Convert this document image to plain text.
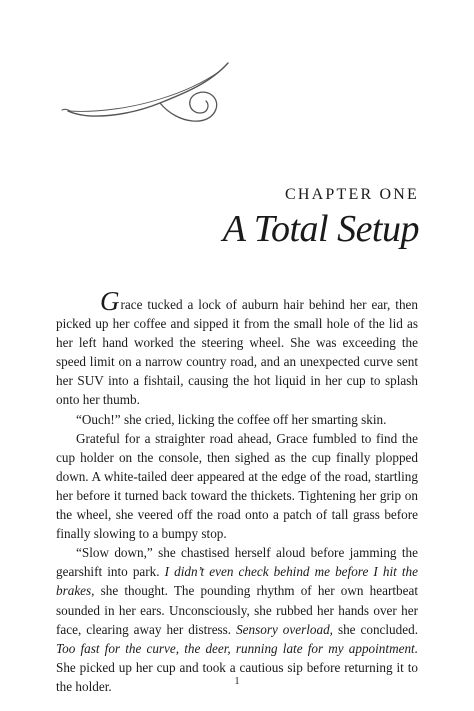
CHAPTER ONE
A Total Setup

Grace tucked a lock of auburn hair behind her ear, then picked up her coffee and sipped it from the small hole of the lid as her left hand worked the steering wheel. She was exceeding the speed limit on a narrow country road, and an unexpected curve sent her SUV into a fishtail, causing the hot liquid in her cup to splash onto her thumb.

“Ouch!” she cried, licking the coffee off her smarting skin.

Grateful for a straighter road ahead, Grace fumbled to find the cup holder on the console, then sighed as the cup finally plopped down. A white-tailed deer appeared at the edge of the road, startling her before it turned back toward the thickets. Tightening her grip on the wheel, she veered off the road onto a patch of tall grass before finally slowing to a bumpy stop.

“Slow down,” she chastised herself aloud before jamming the gearshift into park. I didn’t even check behind me before I hit the brakes, she thought. The pounding rhythm of her own heartbeat sounded in her ears. Unconsciously, she rubbed her hands over her face, clearing away her distress. Sensory overload, she concluded. Too fast for the curve, the deer, running late for my appointment. She picked up her cup and took a cautious sip before returning it to the holder.	1
